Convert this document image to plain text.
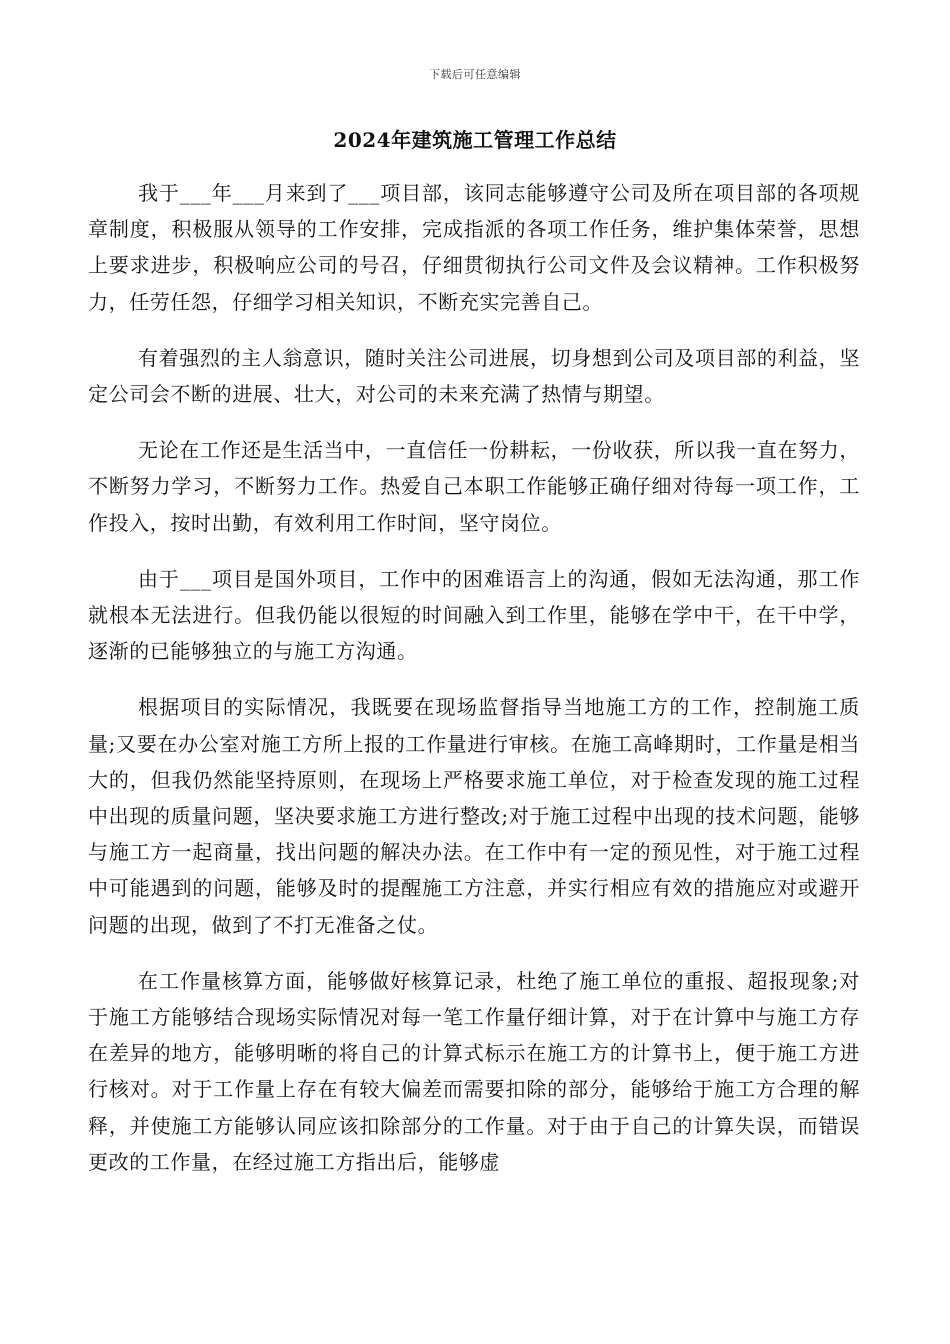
下载后可任意编辑
2024年建筑施工管理工作总结

我于___年___月来到了___项目部，该同志能够遵守公司及所在项目部的各项规章制度，积极服从领导的工作安排，完成指派的各项工作任务，维护集体荣誉，思想上要求进步，积极响应公司的号召，仔细贯彻执行公司文件及会议精神。工作积极努力，任劳任怨，仔细学习相关知识，不断充实完善自己。

有着强烈的主人翁意识，随时关注公司进展，切身想到公司及项目部的利益，坚定公司会不断的进展、壮大，对公司的未来充满了热情与期望。

无论在工作还是生活当中，一直信任一份耕耘，一份收获，所以我一直在努力，不断努力学习，不断努力工作。热爱自己本职工作能够正确仔细对待每一项工作，工作投入，按时出勤，有效利用工作时间，坚守岗位。

由于___项目是国外项目，工作中的困难语言上的沟通，假如无法沟通，那工作就根本无法进行。但我仍能以很短的时间融入到工作里，能够在学中干，在干中学，逐渐的已能够独立的与施工方沟通。

根据项目的实际情况，我既要在现场监督指导当地施工方的工作，控制施工质量;又要在办公室对施工方所上报的工作量进行审核。在施工高峰期时，工作量是相当大的，但我仍然能坚持原则，在现场上严格要求施工单位，对于检查发现的施工过程中出现的质量问题，坚决要求施工方进行整改;对于施工过程中出现的技术问题，能够与施工方一起商量，找出问题的解决办法。在工作中有一定的预见性，对于施工过程中可能遇到的问题，能够及时的提醒施工方注意，并实行相应有效的措施应对或避开问题的出现，做到了不打无准备之仗。

在工作量核算方面，能够做好核算记录，杜绝了施工单位的重报、超报现象;对于施工方能够结合现场实际情况对每一笔工作量仔细计算，对于在计算中与施工方存在差异的地方，能够明晰的将自己的计算式标示在施工方的计算书上，便于施工方进行核对。对于工作量上存在有较大偏差而需要扣除的部分，能够给于施工方合理的解释，并使施工方能够认同应该扣除部分的工作量。对于由于自己的计算失误，而错误更改的工作量，在经过施工方指出后，能够虚
